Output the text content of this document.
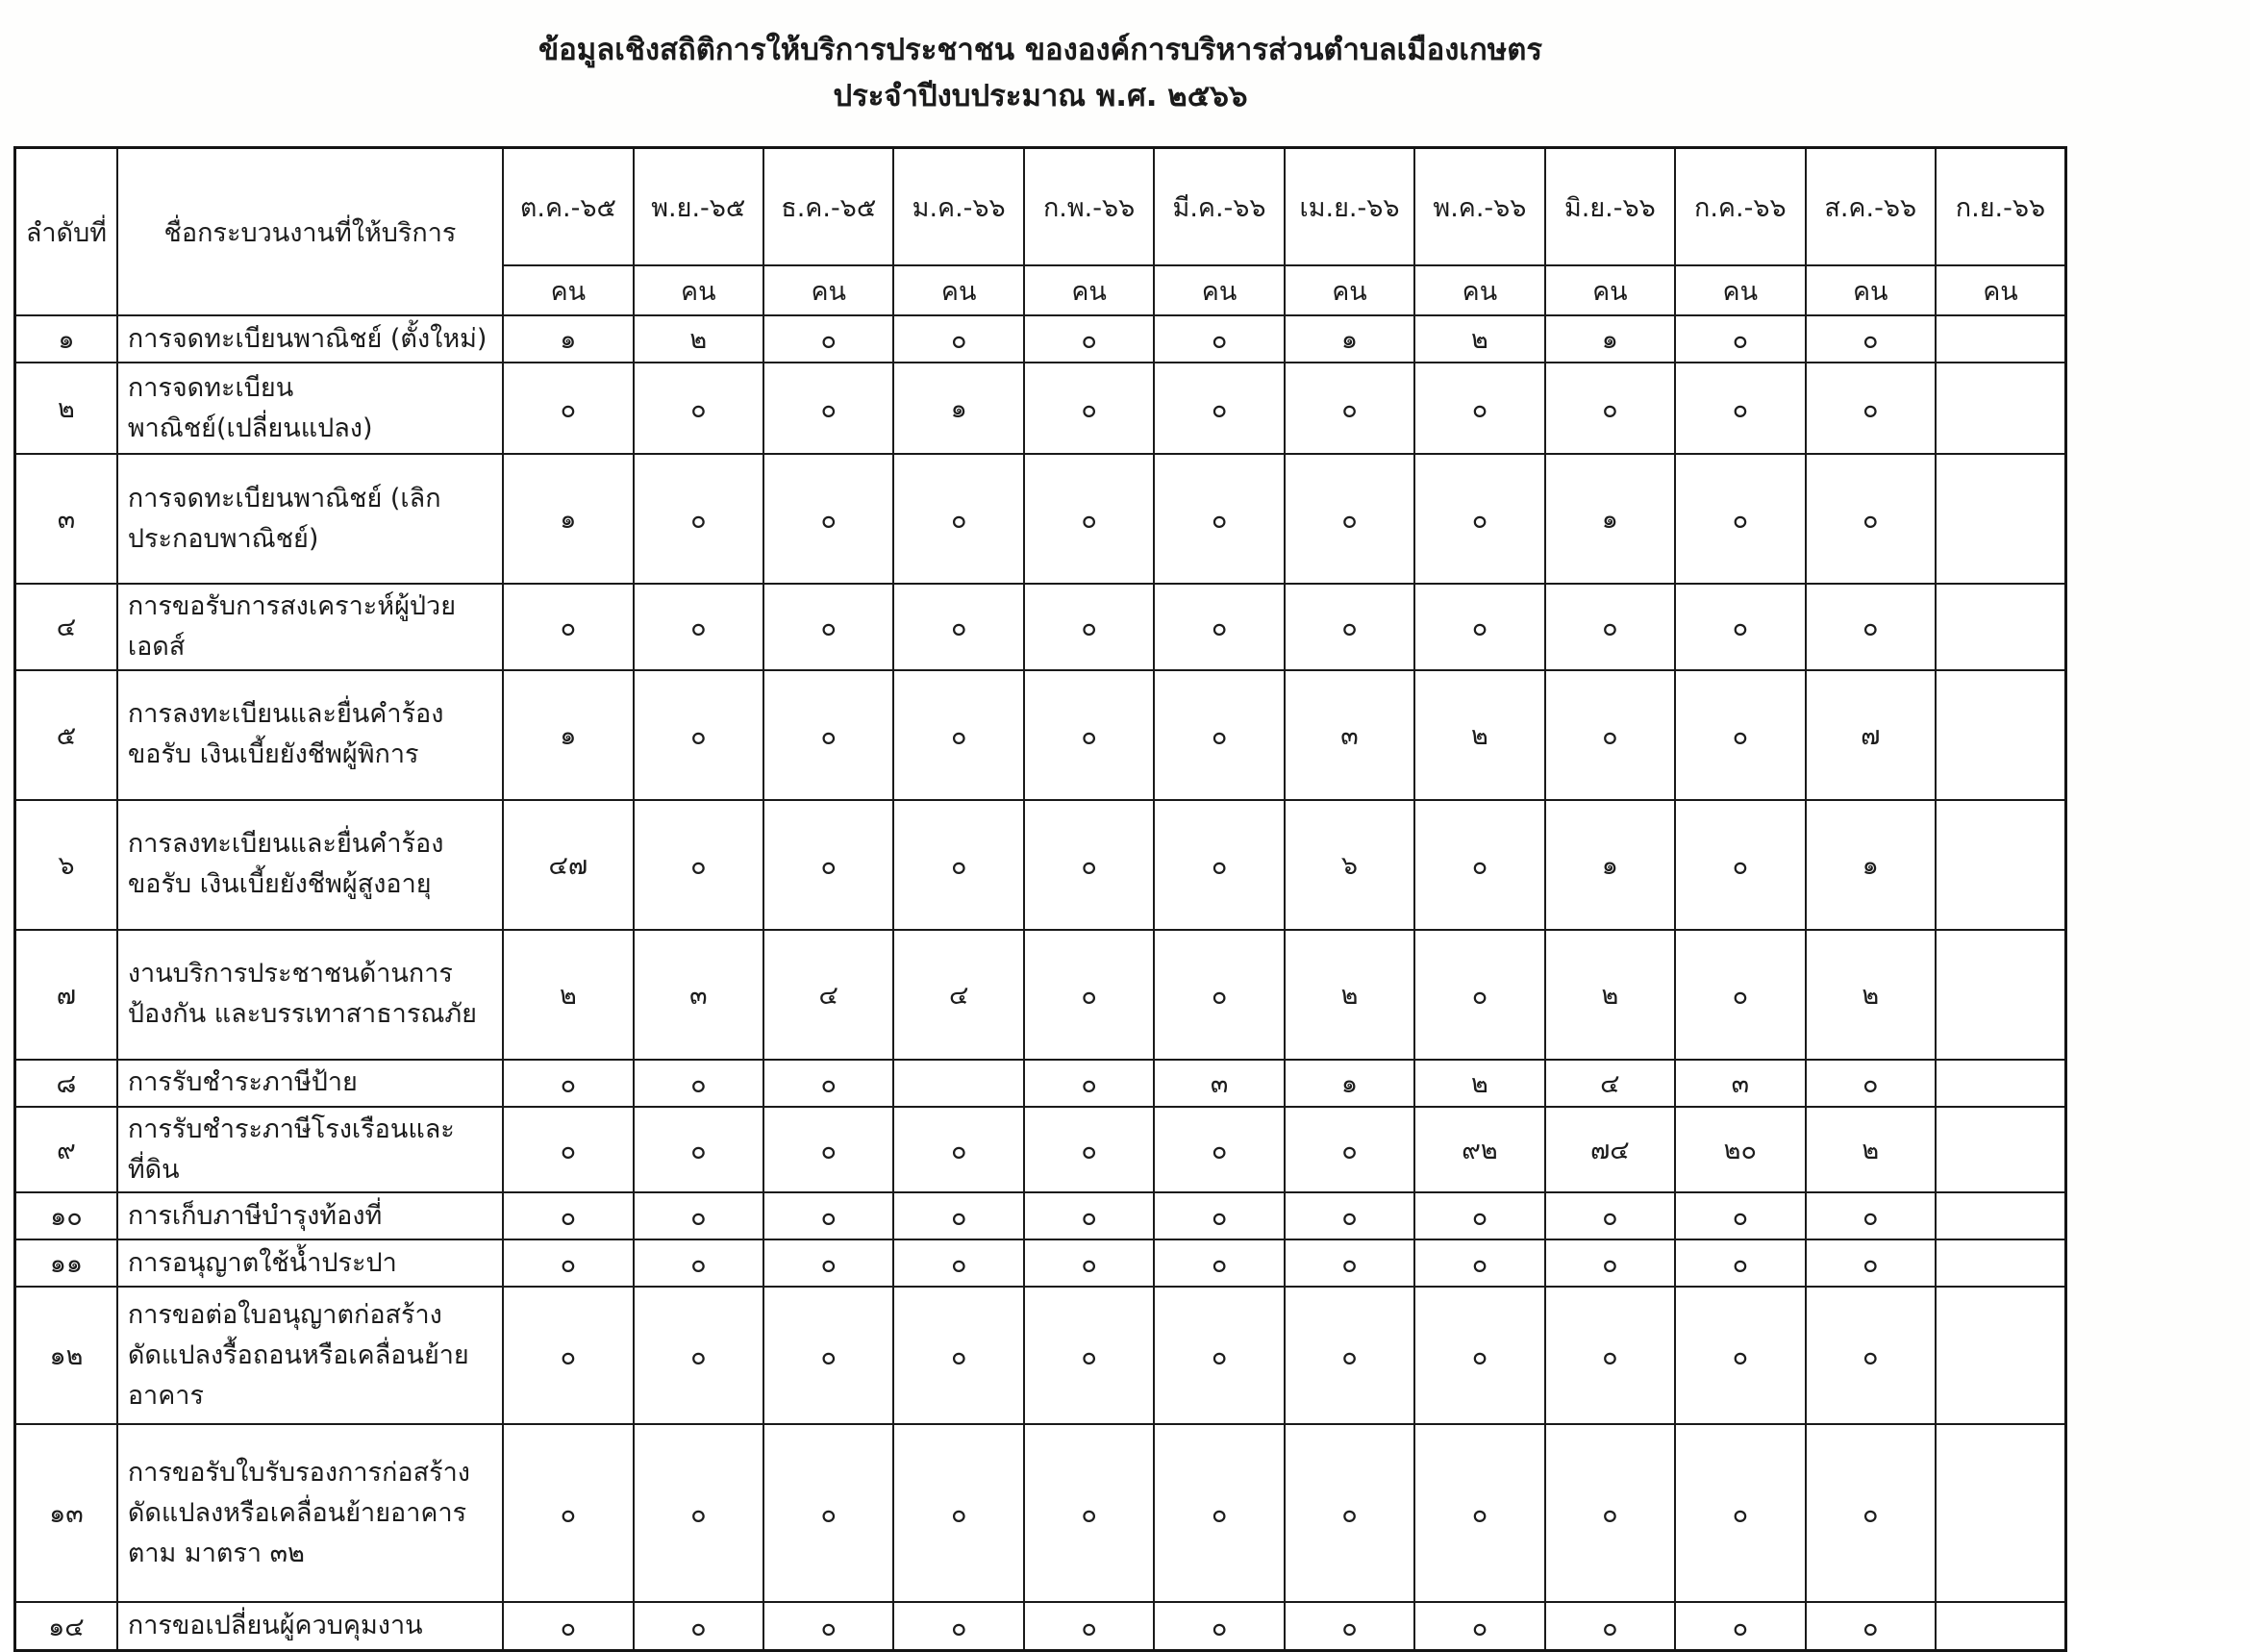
ข้อมูลเชิงสถิติการให้บริการประชาชน ขององค์การบริหารส่วนตำบลเมืองเกษตร

ประจำปีงบประมาณ พ.ศ. ๒๕๖๖

ลำดับที่	ชื่อกระบวนงานที่ให้บริการ	ต.ค.-๖๕	พ.ย.-๖๕	ธ.ค.-๖๕	ม.ค.-๖๖	ก.พ.-๖๖	มี.ค.-๖๖	เม.ย.-๖๖	พ.ค.-๖๖	มิ.ย.-๖๖	ก.ค.-๖๖	ส.ค.-๖๖	ก.ย.-๖๖
		คน	คน	คน	คน	คน	คน	คน	คน	คน	คน	คน	คน
๑	การจดทะเบียนพาณิชย์ (ตั้งใหม่)	๑	๒	๐	๐	๐	๐	๑	๒	๑	๐	๐	
๒	การจดทะเบียนพาณิชย์(เปลี่ยนแปลง)	๐	๐	๐	๑	๐	๐	๐	๐	๐	๐	๐	
๓	การจดทะเบียนพาณิชย์ (เลิก ประกอบพาณิชย์)	๑	๐	๐	๐	๐	๐	๐	๐	๑	๐	๐	
๔	การขอรับการสงเคราะห์ผู้ป่วยเอดส์	๐	๐	๐	๐	๐	๐	๐	๐	๐	๐	๐	
๕	การลงทะเบียนและยื่นคำร้องขอรับ เงินเบี้ยยังชีพผู้พิการ	๑	๐	๐	๐	๐	๐	๓	๒	๐	๐	๗	
๖	การลงทะเบียนและยื่นคำร้องขอรับ เงินเบี้ยยังชีพผู้สูงอายุ	๔๗	๐	๐	๐	๐	๐	๖	๐	๑	๐	๑	
๗	งานบริการประชาชนด้านการป้องกัน และบรรเทาสาธารณภัย	๒	๓	๔	๔	๐	๐	๒	๐	๒	๐	๒	
๘	การรับชำระภาษีป้าย	๐	๐	๐		๐	๓	๑	๒	๔	๓	๐	
๙	การรับชำระภาษีโรงเรือนและที่ดิน	๐	๐	๐	๐	๐	๐	๐	๙๒	๗๔	๒๐	๒	
๑๐	การเก็บภาษีบำรุงท้องที่	๐	๐	๐	๐	๐	๐	๐	๐	๐	๐	๐	
๑๑	การอนุญาตใช้น้ำประปา	๐	๐	๐	๐	๐	๐	๐	๐	๐	๐	๐	
๑๒	การขอต่อใบอนุญาตก่อสร้าง ดัดแปลงรื้อถอนหรือเคลื่อนย้ายอาคาร	๐	๐	๐	๐	๐	๐	๐	๐	๐	๐	๐	
๑๓	การขอรับใบรับรองการก่อสร้าง ดัดแปลงหรือเคลื่อนย้ายอาคาร ตาม มาตรา ๓๒	๐	๐	๐	๐	๐	๐	๐	๐	๐	๐	๐	
๑๔	การขอเปลี่ยนผู้ควบคุมงาน	๐	๐	๐	๐	๐	๐	๐	๐	๐	๐	๐	
